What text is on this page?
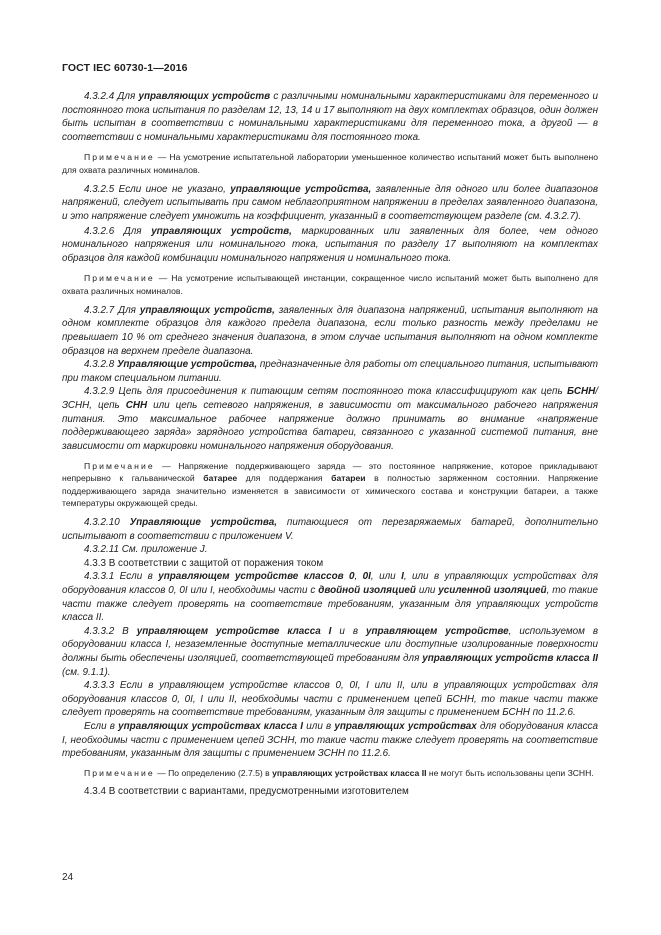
ГОСТ IEC 60730-1—2016

4.3.2.4 Для управляющих устройств с различными номинальными характеристиками для переменного и постоянного тока испытания по разделам 12, 13, 14 и 17 выполняют на двух комплектах образцов, один должен быть испытан в соответствии с номинальными характеристиками для переменного тока, а другой — в соответствии с номинальными характеристиками для постоянного тока.

Примечание — На усмотрение испытательной лаборатории уменьшенное количество испытаний может быть выполнено для охвата различных номиналов.

4.3.2.5 Если иное не указано, управляющие устройства, заявленные для одного или более диапазонов напряжений, следует испытывать при самом неблагоприятном напряжении в пределах заявленного диапазона, и это напряжение следует умножить на коэффициент, указанный в соответствующем разделе (см. 4.3.2.7).

4.3.2.6 Для управляющих устройств, маркированных или заявленных для более, чем одного номинального напряжения или номинального тока, испытания по разделу 17 выполняют на комплектах образцов для каждой комбинации номинального напряжения и номинального тока.

Примечание — На усмотрение испытывающей инстанции, сокращенное число испытаний может быть выполнено для охвата различных номиналов.

4.3.2.7 Для управляющих устройств, заявленных для диапазона напряжений, испытания выполняют на одном комплекте образцов для каждого предела диапазона, если только разность между пределами не превышает 10 % от среднего значения диапазона, в этом случае испытания выполняют на одном комплекте образцов на верхнем пределе диапазона.

4.3.2.8 Управляющие устройства, предназначенные для работы от специального питания, испытывают при таком специальном питании.

4.3.2.9 Цепь для присоединения к питающим сетям постоянного тока классифицируют как цепь БСНН/ЗСНН, цепь СНН или цепь сетевого напряжения, в зависимости от максимального рабочего напряжения питания. Это максимальное рабочее напряжение должно принимать во внимание «напряжение поддерживающего заряда» зарядного устройства батареи, связанного с указанной системой питания, вне зависимости от маркировки номинального напряжения оборудования.

Примечание — Напряжение поддерживающего заряда — это постоянное напряжение, которое прикладывают непрерывно к гальванической батарее для поддержания батареи в полностью заряженном состоянии. Напряжение поддерживающего заряда значительно изменяется в зависимости от химического состава и конструкции батареи, а также температуры окружающей среды.

4.3.2.10 Управляющие устройства, питающиеся от перезаряжаемых батарей, дополнительно испытывают в соответствии с приложением V.

4.3.2.11 См. приложение J.

4.3.3 В соответствии с защитой от поражения током

4.3.3.1 Если в управляющем устройстве классов 0, 0I, или I, или в управляющих устройствах для оборудования классов 0, 0I или I, необходимы части с двойной изоляцией или усиленной изоляцией, то такие части также следует проверять на соответствие требованиям, указанным для управляющих устройств класса II.

4.3.3.2 В управляющем устройстве класса I и в управляющем устройстве, используемом в оборудовании класса I, незаземленные доступные металлические или доступные изолированные поверхности должны быть обеспечены изоляцией, соответствующей требованиям для управляющих устройств класса II (см. 9.1.1).

4.3.3.3 Если в управляющем устройстве классов 0, 0I, I или II, или в управляющих устройствах для оборудования классов 0, 0I, I или II, необходимы части с применением цепей БСНН, то такие части также следует проверять на соответствие требованиям, указанным для защиты с применением БСНН по 11.2.6.

Если в управляющих устройствах класса I или в управляющих устройствах для оборудования класса I, необходимы части с применением цепей ЗСНН, то такие части также следует проверять на соответствие требованиям, указанным для защиты с применением ЗСНН по 11.2.6.

Примечание — По определению (2.7.5) в управляющих устройствах класса II не могут быть использованы цепи ЗСНН.

4.3.4 В соответствии с вариантами, предусмотренными изготовителем

24
